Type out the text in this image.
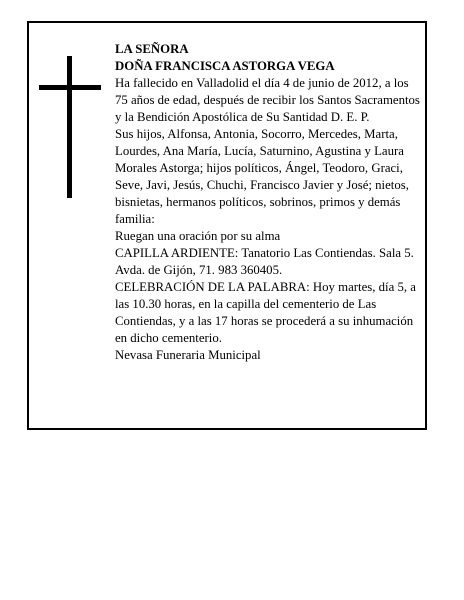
LA SEÑORA

DOÑA FRANCISCA ASTORGA VEGA

Ha fallecido en Valladolid el día 4 de junio de 2012, a los 75 años de edad, después de recibir los Santos Sacramentos y la Bendición Apostólica de Su Santidad D. E. P.

Sus hijos, Alfonsa, Antonia, Socorro, Mercedes, Marta, Lourdes, Ana María, Lucía, Saturnino, Agustina y Laura Morales Astorga; hijos políticos, Ángel, Teodoro, Graci, Seve, Javi, Jesús, Chuchi, Francisco Javier y José; nietos, bisnietas, hermanos políticos, sobrinos, primos y demás familia:

Ruegan una oración por su alma

CAPILLA ARDIENTE: Tanatorio Las Contiendas. Sala 5. Avda. de Gijón, 71. 983 360405.

CELEBRACIÓN DE LA PALABRA: Hoy martes, día 5, a las 10.30 horas, en la capilla del cementerio de Las Contiendas, y a las 17 horas se procederá a su inhumación en dicho cementerio.

Nevasa Funeraria Municipal
